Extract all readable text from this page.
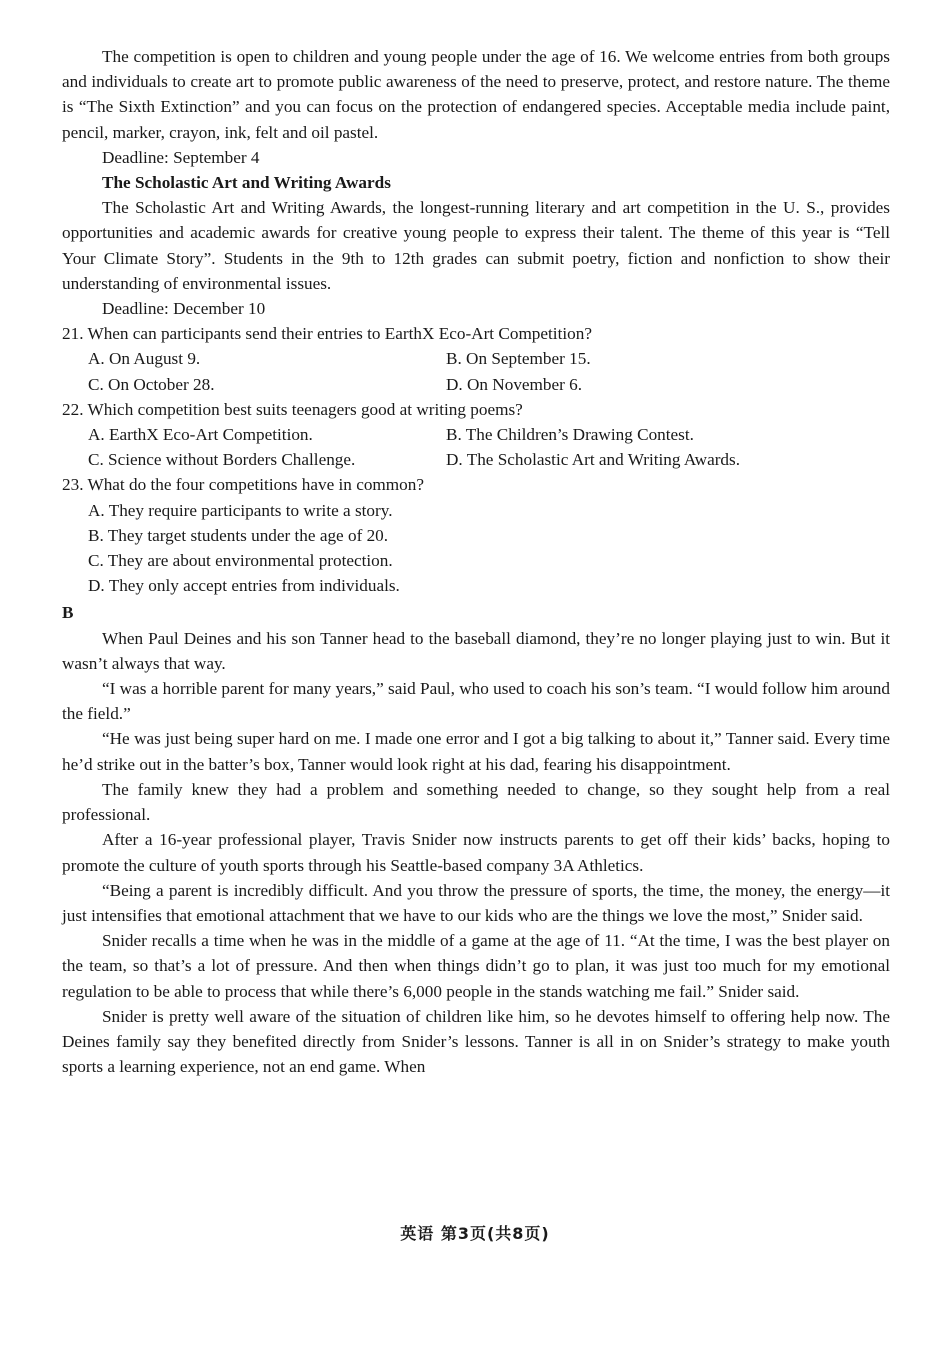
The competition is open to children and young people under the age of 16. We welcome entries from both groups and individuals to create art to promote public awareness of the need to preserve, protect, and restore nature. The theme is “The Sixth Extinction” and you can focus on the protection of endangered species. Acceptable media include paint, pencil, marker, crayon, ink, felt and oil pastel.

Deadline: September 4

The Scholastic Art and Writing Awards

The Scholastic Art and Writing Awards, the longest-running literary and art competition in the U. S., provides opportunities and academic awards for creative young people to express their talent. The theme of this year is “Tell Your Climate Story”. Students in the 9th to 12th grades can submit poetry, fiction and nonfiction to show their understanding of environmental issues.

Deadline: December 10

21. When can participants send their entries to EarthX Eco-Art Competition?

A. On August 9.	B. On September 15.
C. On October 28.	D. On November 6.

22. Which competition best suits teenagers good at writing poems?

A. EarthX Eco-Art Competition.	B. The Children’s Drawing Contest.
C. Science without Borders Challenge.	D. The Scholastic Art and Writing Awards.

23. What do the four competitions have in common?

A. They require participants to write a story.
B. They target students under the age of 20.
C. They are about environmental protection.
D. They only accept entries from individuals.

B

When Paul Deines and his son Tanner head to the baseball diamond, they’re no longer playing just to win. But it wasn’t always that way.

“I was a horrible parent for many years,” said Paul, who used to coach his son’s team. “I would follow him around the field.”

“He was just being super hard on me. I made one error and I got a big talking to about it,” Tanner said. Every time he’d strike out in the batter’s box, Tanner would look right at his dad, fearing his disappointment.

The family knew they had a problem and something needed to change, so they sought help from a real professional.

After a 16-year professional player, Travis Snider now instructs parents to get off their kids’ backs, hoping to promote the culture of youth sports through his Seattle-based company 3A Athletics.

“Being a parent is incredibly difficult. And you throw the pressure of sports, the time, the money, the energy—it just intensifies that emotional attachment that we have to our kids who are the things we love the most,” Snider said.

Snider recalls a time when he was in the middle of a game at the age of 11. “At the time, I was the best player on the team, so that’s a lot of pressure. And then when things didn’t go to plan, it was just too much for my emotional regulation to be able to process that while there’s 6,000 people in the stands watching me fail.” Snider said.

Snider is pretty well aware of the situation of children like him, so he devotes himself to offering help now. The Deines family say they benefited directly from Snider’s lessons. Tanner is all in on Snider’s strategy to make youth sports a learning experience, not an end game. When

英语 第3页(共8页)
